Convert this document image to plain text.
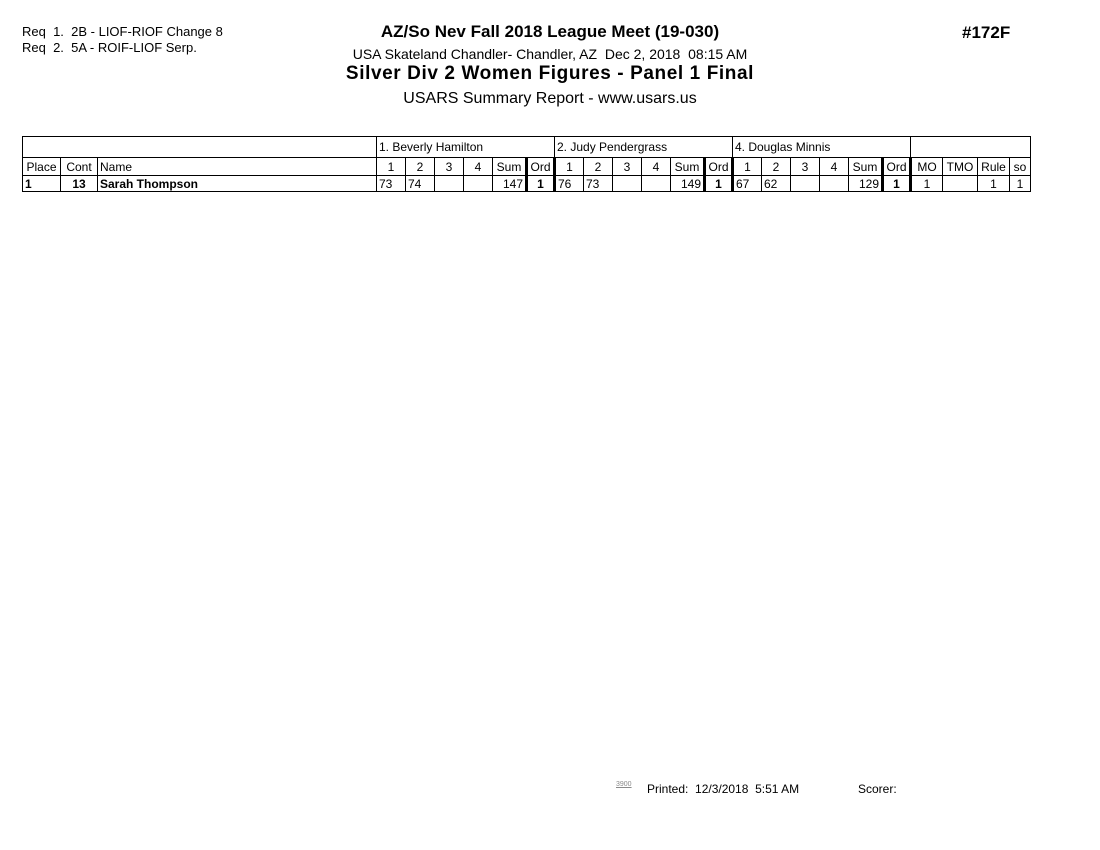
Req  1.  2B - LIOF-RIOF Change 8
Req  2.  5A - ROIF-LIOF Serp.
AZ/So Nev Fall 2018 League Meet (19-030)
USA Skateland Chandler- Chandler, AZ  Dec 2, 2018  08:15 AM
Silver Div 2 Women Figures - Panel 1 Final
USARS Summary Report - www.usars.us
#172F
			1. Beverly Hamilton						2. Judy Pendergrass						4. Douglas Minnis									
Place	Cont	Name	1	2	3	4	Sum	Ord	1	2	3	4	Sum	Ord	1	2	3	4	Sum	Ord	MO	TMO	Rule	so
1	13	Sarah Thompson	73	74			147	1	76	73			149	1	67	62			129	1	1		1	1
3900 Printed:  12/3/2018  5:51 AM	Scorer:
